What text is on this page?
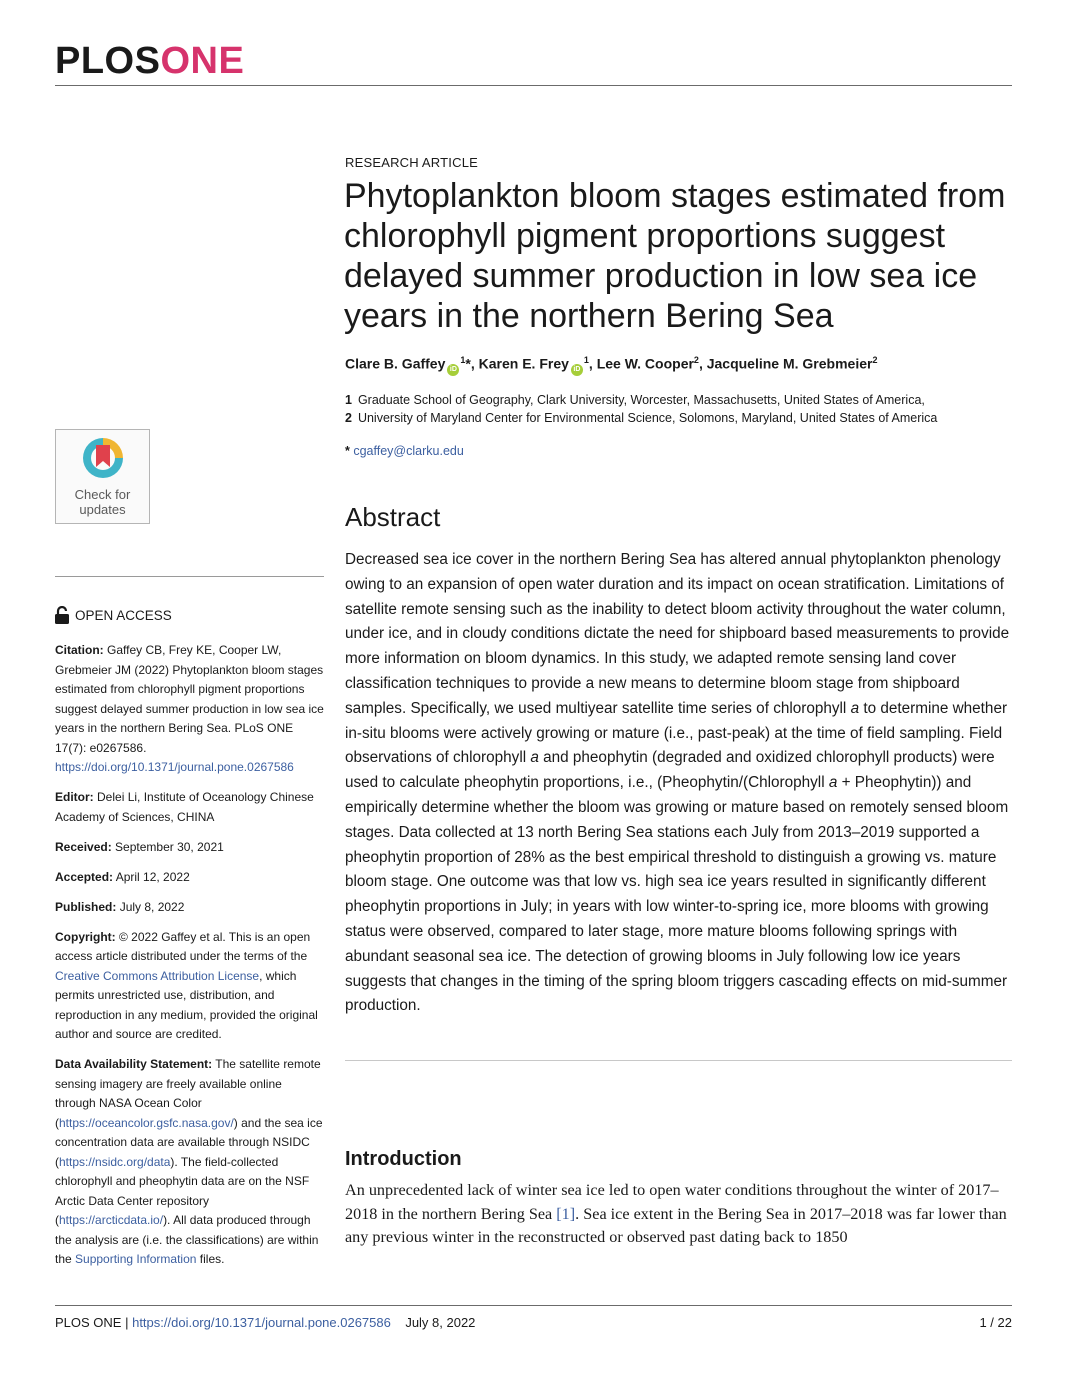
PLOSONE
RESEARCH ARTICLE
Phytoplankton bloom stages estimated from chlorophyll pigment proportions suggest delayed summer production in low sea ice years in the northern Bering Sea
Clare B. Gaffey $iD^1*$, Karen E. Frey $iD^1$, Lee W. Cooper$^2$, Jacqueline M. Grebmeier$^2$
1 Graduate School of Geography, Clark University, Worcester, Massachusetts, United States of America,
2 University of Maryland Center for Environmental Science, Solomons, Maryland, United States of America
* cgaffey@clarku.edu
Check for
updates
OPEN ACCESS

Citation: Gaffey CB, Frey KE, Cooper LW, Grebmeier JM (2022) Phytoplankton bloom stages estimated from chlorophyll pigment proportions suggest delayed summer production in low sea ice years in the northern Bering Sea. PLoS ONE 17(7): e0267586. https://doi.org/10.1371/journal.pone.0267586

Editor: Delei Li, Institute of Oceanology Chinese Academy of Sciences, CHINA

Received: September 30, 2021

Accepted: April 12, 2022

Published: July 8, 2022

Copyright: © 2022 Gaffey et al. This is an open access article distributed under the terms of the Creative Commons Attribution License, which permits unrestricted use, distribution, and reproduction in any medium, provided the original author and source are credited.

Data Availability Statement: The satellite remote sensing imagery are freely available online through NASA Ocean Color (https://oceancolor.gsfc.nasa.gov/) and the sea ice concentration data are available through NSIDC (https://nsidc.org/data). The field-collected chlorophyll and pheophytin data are on the NSF Arctic Data Center repository (https://arcticdata.io/). All data produced through the analysis are (i.e. the classifications) are within the Supporting Information files.

Abstract

Decreased sea ice cover in the northern Bering Sea has altered annual phytoplankton phenology owing to an expansion of open water duration and its impact on ocean stratification. Limitations of satellite remote sensing such as the inability to detect bloom activity throughout the water column, under ice, and in cloudy conditions dictate the need for shipboard based measurements to provide more information on bloom dynamics. In this study, we adapted remote sensing land cover classification techniques to provide a new means to determine bloom stage from shipboard samples. Specifically, we used multiyear satellite time series of chlorophyll a to determine whether in-situ blooms were actively growing or mature (i.e., past-peak) at the time of field sampling. Field observations of chlorophyll a and pheophytin (degraded and oxidized chlorophyll products) were used to calculate pheophytin proportions, i.e., (Pheophytin/(Chlorophyll a + Pheophytin)) and empirically determine whether the bloom was growing or mature based on remotely sensed bloom stages. Data collected at 13 north Bering Sea stations each July from 2013–2019 supported a pheophytin proportion of 28% as the best empirical threshold to distinguish a growing vs. mature bloom stage. One outcome was that low vs. high sea ice years resulted in significantly different pheophytin proportions in July; in years with low winter-to-spring ice, more blooms with growing status were observed, compared to later stage, more mature blooms following springs with abundant seasonal sea ice. The detection of growing blooms in July following low ice years suggests that changes in the timing of the spring bloom triggers cascading effects on mid-summer production.

Introduction

An unprecedented lack of winter sea ice led to open water conditions throughout the winter of 2017–2018 in the northern Bering Sea [1]. Sea ice extent in the Bering Sea in 2017–2018 was far lower than any previous winter in the reconstructed or observed past dating back to 1850

PLOS ONE | https://doi.org/10.1371/journal.pone.0267586 July 8, 2022	1 / 22
